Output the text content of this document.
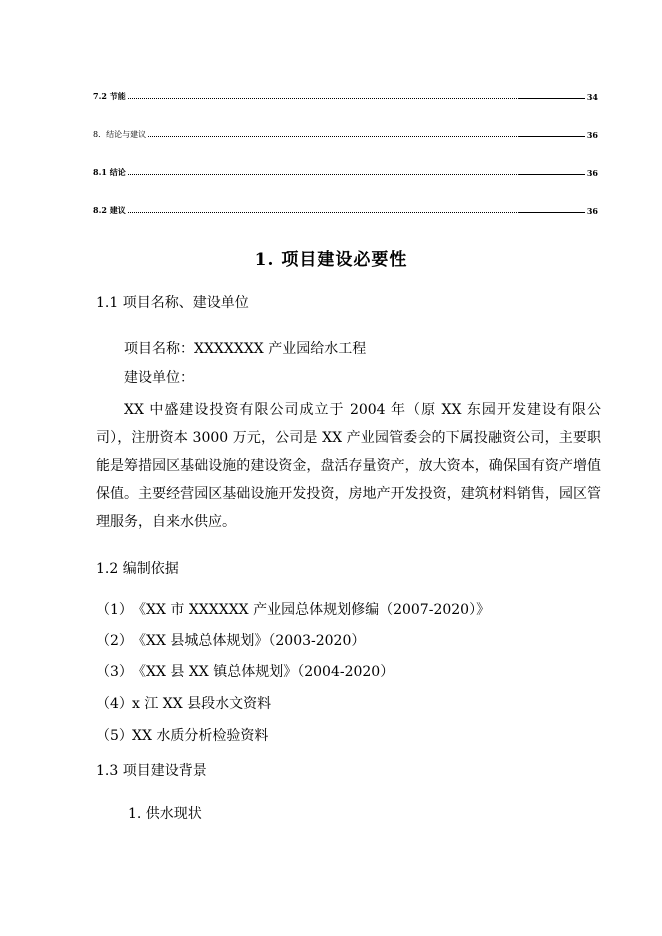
7.2 节能	34
8．结论与建议	36
8.1 结论	36
8.2 建议	36
1. 项目建设必要性
1.1 项目名称、建设单位
项目名称：XXXXXXX 产业园给水工程
建设单位：
XX 中盛建设投资有限公司成立于 2004 年（原 XX 东园开发建设有限公司），注册资本 3000 万元，公司是 XX 产业园管委会的下属投融资公司，主要职能是筹措园区基础设施的建设资金，盘活存量资产，放大资本，确保国有资产增值保值。主要经营园区基础设施开发投资，房地产开发投资，建筑材料销售，园区管理服务，自来水供应。
1.2 编制依据
（1）《XX 市 XXXXXX 产业园总体规划修编（2007-2020）》
（2）《XX 县城总体规划》（2003-2020）
（3）《XX 县 XX 镇总体规划》（2004-2020）
（4）x 江 XX 县段水文资料
（5）XX 水质分析检验资料
1.3 项目建设背景
1. 供水现状
